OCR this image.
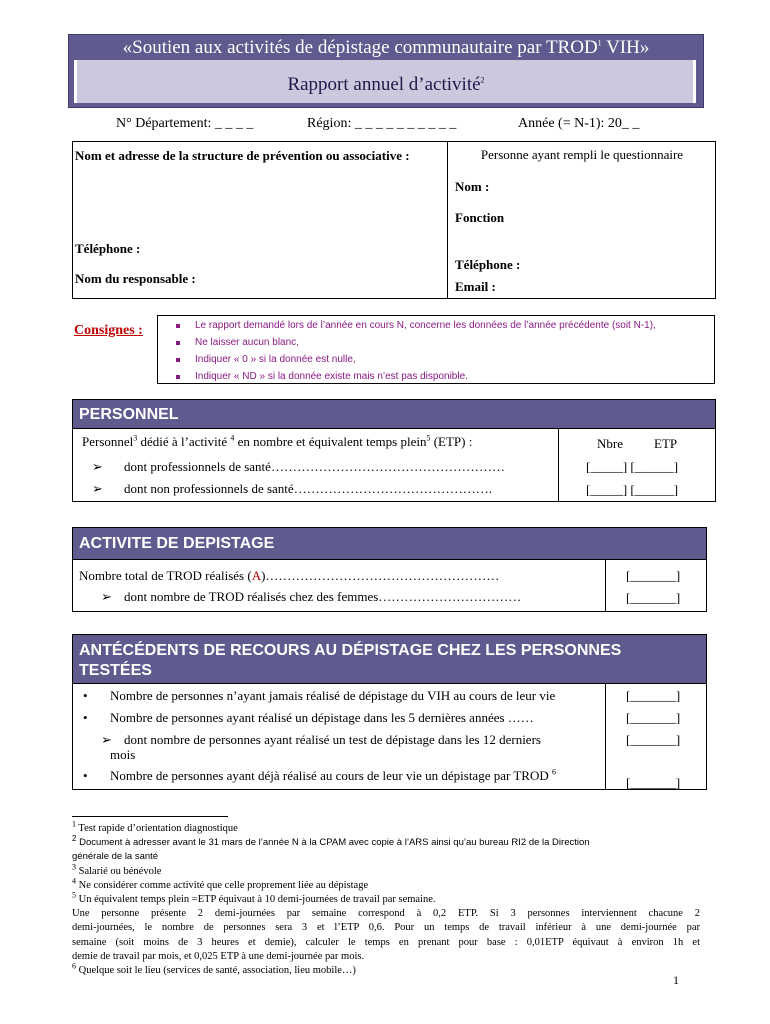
«Soutien aux activités de dépistage communautaire par TROD$^1$ VIH»
Rapport annuel d’activité$^2$
N° Département: _ _ _ _	Région: _ _ _ _ _ _ _ _ _ _	Année (= N-1): 20_ _
Nom et adresse de la structure de prévention ou associative :
Téléphone :
Nom du responsable :
Personne ayant rempli le questionnaire
Nom :
Fonction
Téléphone :
Email :
Consignes :	Le rapport demandé lors de l’année en cours N, concerne les données de l’année précédente (soit N-1),
Ne laisser aucun blanc,
Indiquer « 0 » si la donnée est nulle,
Indiquer « ND » si la donnée existe mais n’est pas disponible.
PERSONNEL
Personnel$^3$ dédié à l’activité $^4$ en nombre et équivalent temps plein$^5$ (ETP) :	Nbre ETP
➢ dont professionnels de santé………………………………………………	[_____] [______]
➢ dont non professionnels de santé……………………………………….	[_____] [______]
ACTIVITE DE DEPISTAGE
Nombre total de TROD réalisés (A)………………………………………………	[_______]
➢ dont nombre de TROD réalisés chez des femmes……………………………	[_______]
ANTÉCÉDENTS DE RECOURS AU DÉPISTAGE CHEZ LES PERSONNES
TESTÉES
• Nombre de personnes n’ayant jamais réalisé de dépistage du VIH au cours de leur vie	[_______]
• Nombre de personnes ayant réalisé un dépistage dans les 5 dernières années ……	[_______]
➢ dont nombre de personnes ayant réalisé un test de dépistage dans les 12 derniers
mois
[_______]
• Nombre de personnes ayant déjà réalisé au cours de leur vie un dépistage par TROD $^6$
[_______]
$^1$ Test rapide d’orientation diagnostique
$^2$ Document à adresser avant le 31 mars de l’année N à la CPAM avec copie à l’ARS ainsi qu’au bureau RI2 de la Direction
générale de la santé
$^3$ Salarié ou bénévole
$^4$ Ne considérer comme activité que celle proprement liée au dépistage
$^5$ Un équivalent temps plein =ETP équivaut à 10 demi-journées de travail par semaine.
Une personne présente 2 demi-journées par semaine correspond à 0,2 ETP. Si 3 personnes interviennent chacune 2
demi-journées, le nombre de personnes sera 3 et l’ETP 0,6. Pour un temps de travail inférieur à une demi-journée par
semaine (soit moins de 3 heures et demie), calculer le temps en prenant pour base : 0,01ETP équivaut à environ 1h et
demie de travail par mois, et 0,025 ETP à une demi-journée par mois.
$^6$ Quelque soit le lieu (services de santé, association, lieu mobile…)
1
